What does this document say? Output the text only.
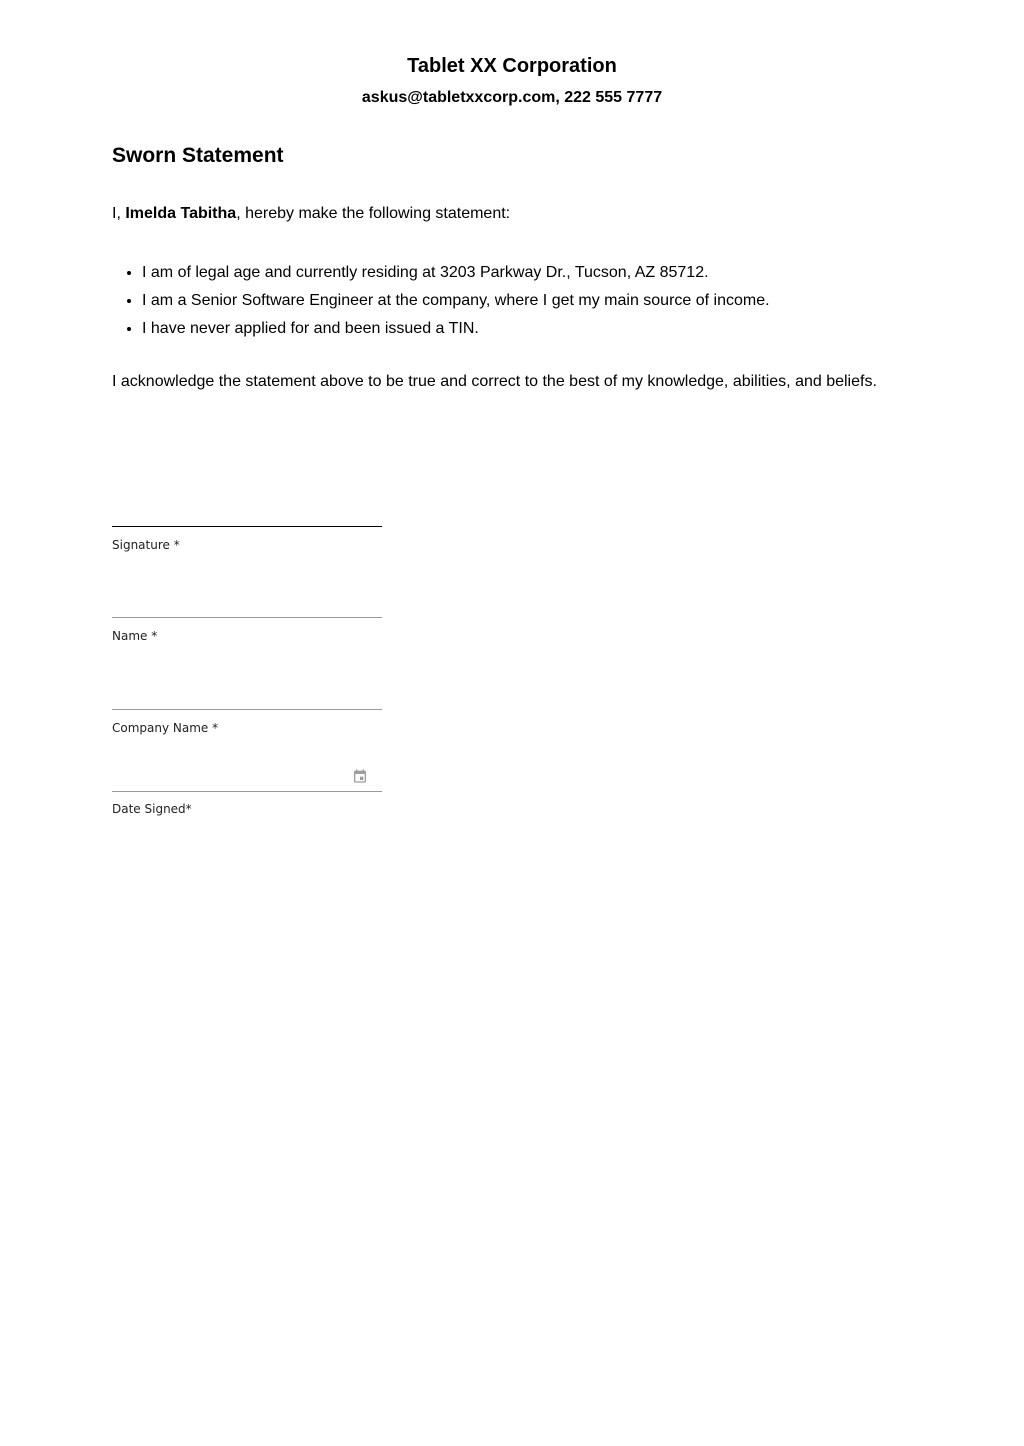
Tablet XX Corporation
askus@tabletxxcorp.com, 222 555 7777
Sworn Statement
I, Imelda Tabitha, hereby make the following statement:
• I am of legal age and currently residing at 3203 Parkway Dr., Tucson, AZ 85712.
• I am a Senior Software Engineer at the company, where I get my main source of income.
• I have never applied for and been issued a TIN.
I acknowledge the statement above to be true and correct to the best of my knowledge, abilities, and beliefs.
Signature *
Name *
Company Name *
Date Signed*
